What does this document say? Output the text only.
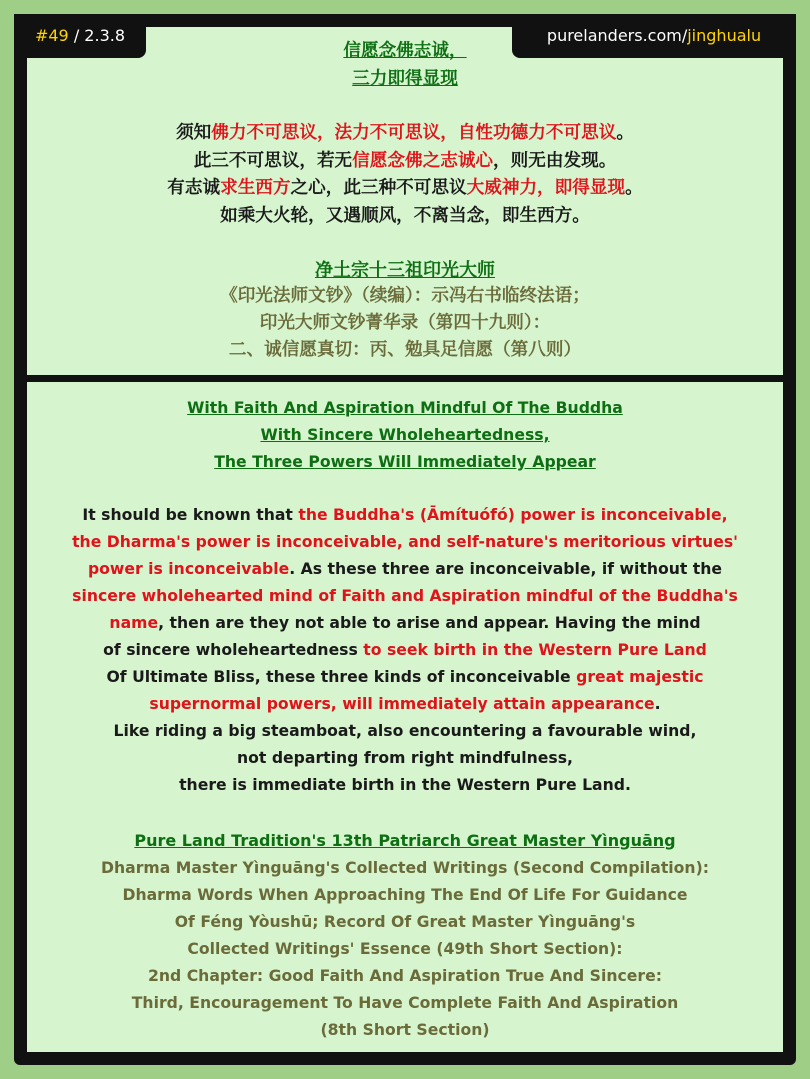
信愿念佛志诚，
三力即得显现
须知佛力不可思议，法力不可思议，自性功德力不可思议。
此三不可思议，若无信愿念佛之志诚心，则无由发现。
有志诚求生西方之心，此三种不可思议大威神力，即得显现。
如乘大火轮，又遇顺风，不离当念，即生西方。
净土宗十三祖印光大师
《印光法师文钞》（续编）：示冯右书临终法语；
印光大师文钞菁华录（第四十九则）：
二、诚信愿真切：丙、勉具足信愿（第八则）
With Faith And Aspiration Mindful Of The Buddha
With Sincere Wholeheartedness,
The Three Powers Will Immediately Appear
It should be known that the Buddha's (Āmítuófó) power is inconceivable,
the Dharma's power is inconceivable, and self-nature's meritorious virtues'
power is inconceivable. As these three are inconceivable, if without the
sincere wholehearted mind of Faith and Aspiration mindful of the Buddha's
name, then are they not able to arise and appear. Having the mind
of sincere wholeheartedness to seek birth in the Western Pure Land
Of Ultimate Bliss, these three kinds of inconceivable great majestic
supernormal powers, will immediately attain appearance.
Like riding a big steamboat, also encountering a favourable wind,
not departing from right mindfulness,
there is immediate birth in the Western Pure Land.
Pure Land Tradition's 13th Patriarch Great Master Yìnguāng
Dharma Master Yìnguāng's Collected Writings (Second Compilation):
Dharma Words When Approaching The End Of Life For Guidance
Of Féng Yòushū; Record Of Great Master Yìnguāng's
Collected Writings' Essence (49th Short Section):
2nd Chapter: Good Faith And Aspiration True And Sincere:
Third, Encouragement To Have Complete Faith And Aspiration
(8th Short Section)
#49 / 2.3.8	purelanders.com/jinghualu
